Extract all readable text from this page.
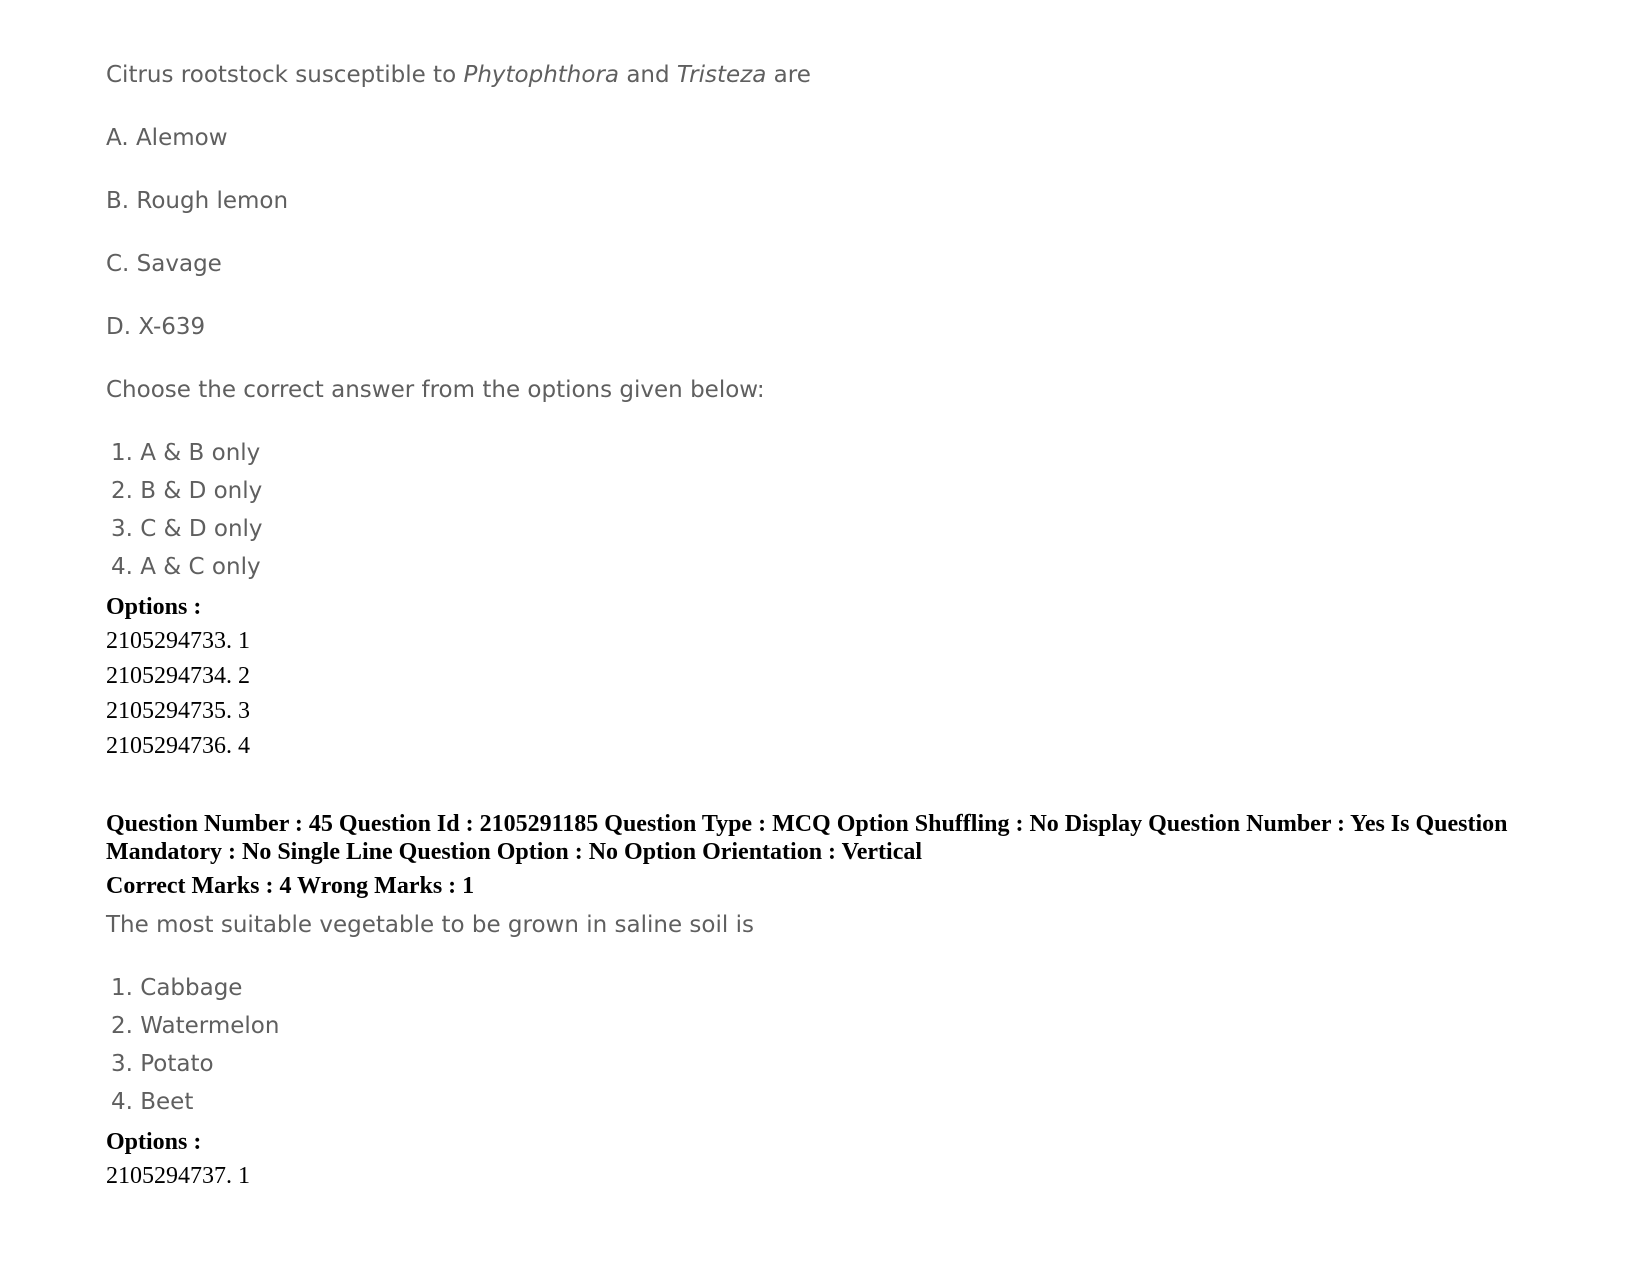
Citrus rootstock susceptible to Phytophthora and Tristeza are
A. Alemow
B. Rough lemon
C. Savage
D. X-639
Choose the correct answer from the options given below:
1. A & B only
2. B & D only
3. C & D only
4. A & C only
Options :
2105294733. 1
2105294734. 2
2105294735. 3
2105294736. 4
Question Number : 45 Question Id : 2105291185 Question Type : MCQ Option Shuffling : No Display Question Number : Yes Is Question Mandatory : No Single Line Question Option : No Option Orientation : Vertical
Correct Marks : 4 Wrong Marks : 1
The most suitable vegetable to be grown in saline soil is
1. Cabbage
2. Watermelon
3. Potato
4. Beet
Options :
2105294737. 1
